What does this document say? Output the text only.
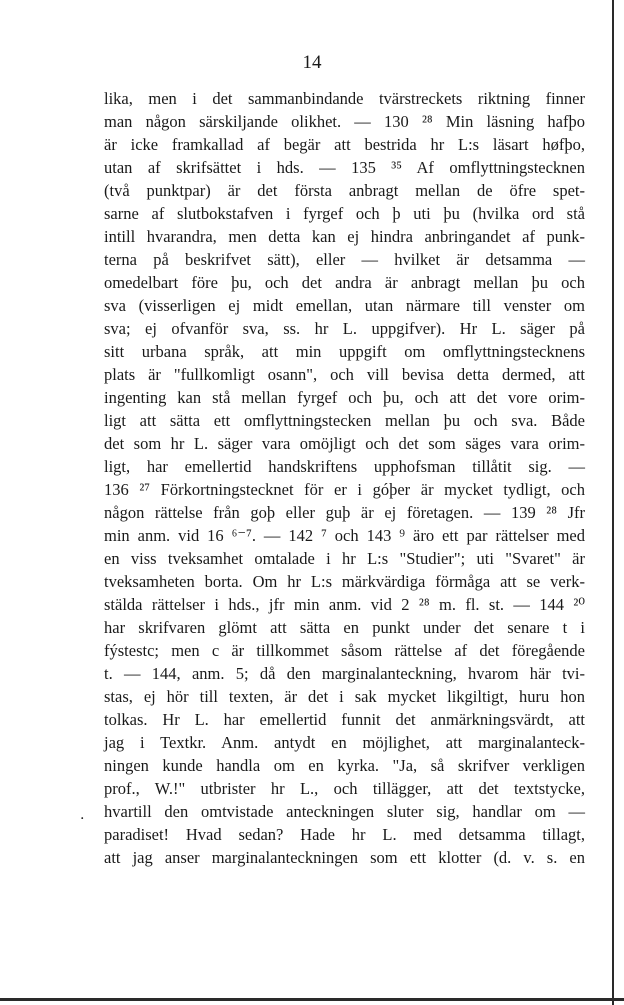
14
lika, men i det sammanbindande tvärstreckets riktning finner
man någon särskiljande olikhet. — 130 ²⁸ Min läsning hafþo
är icke framkallad af begär att bestrida hr L:s läsart høfþo,
utan af skrifsättet i hds. — 135 ³⁵ Af omflyttningstecknen
(två punktpar) är det första anbragt mellan de öfre spet-
sarne af slutbokstafven i fyrgef och þ uti þu (hvilka ord stå
intill hvarandra, men detta kan ej hindra anbringandet af punk-
terna på beskrifvet sätt), eller — hvilket är detsamma —
omedelbart före þu, och det andra är anbragt mellan þu och
sva (visserligen ej midt emellan, utan närmare till venster om
sva; ej ofvanför sva, ss. hr L. uppgifver). Hr L. säger på
sitt urbana språk, att min uppgift om omflyttningstecknens
plats är "fullkomligt osann", och vill bevisa detta dermed, att
ingenting kan stå mellan fyrgef och þu, och att det vore orim-
ligt att sätta ett omflyttningstecken mellan þu och sva. Både
det som hr L. säger vara omöjligt och det som säges vara orim-
ligt, har emellertid handskriftens upphofsman tillåtit sig. —
136 ²⁷ Förkortningstecknet för er i góþer är mycket tydligt, och
någon rättelse från goþ eller guþ är ej företagen. — 139 ²⁸ Jfr
min anm. vid 16 ⁶⁻⁷. — 142 ⁷ och 143 ⁹ äro ett par rättelser med
en viss tveksamhet omtalade i hr L:s "Studier"; uti "Svaret" är
tveksamheten borta. Om hr L:s märkvärdiga förmåga att se verk-
stälda rättelser i hds., jfr min anm. vid 2 ²⁸ m. fl. st. — 144 ²⁰
har skrifvaren glömt att sätta en punkt under det senare t i
fýstestc; men c är tillkommet såsom rättelse af det föregående
t. — 144, anm. 5; då den marginalanteckning, hvarom här tvi-
stas, ej hör till texten, är det i sak mycket likgiltigt, huru hon
tolkas. Hr L. har emellertid funnit det anmärkningsvärdt, att
jag i Textkr. Anm. antydt en möjlighet, att marginalanteck-
ningen kunde handla om en kyrka. "Ja, så skrifver verkligen
prof., W.!" utbrister hr L., och tillägger, att det textstycke,
hvartill den omtvistade anteckningen sluter sig, handlar om —
paradiset! Hvad sedan? Hade hr L. med detsamma tillagt,
att jag anser marginalanteckningen som ett klotter (d. v. s. en
.
